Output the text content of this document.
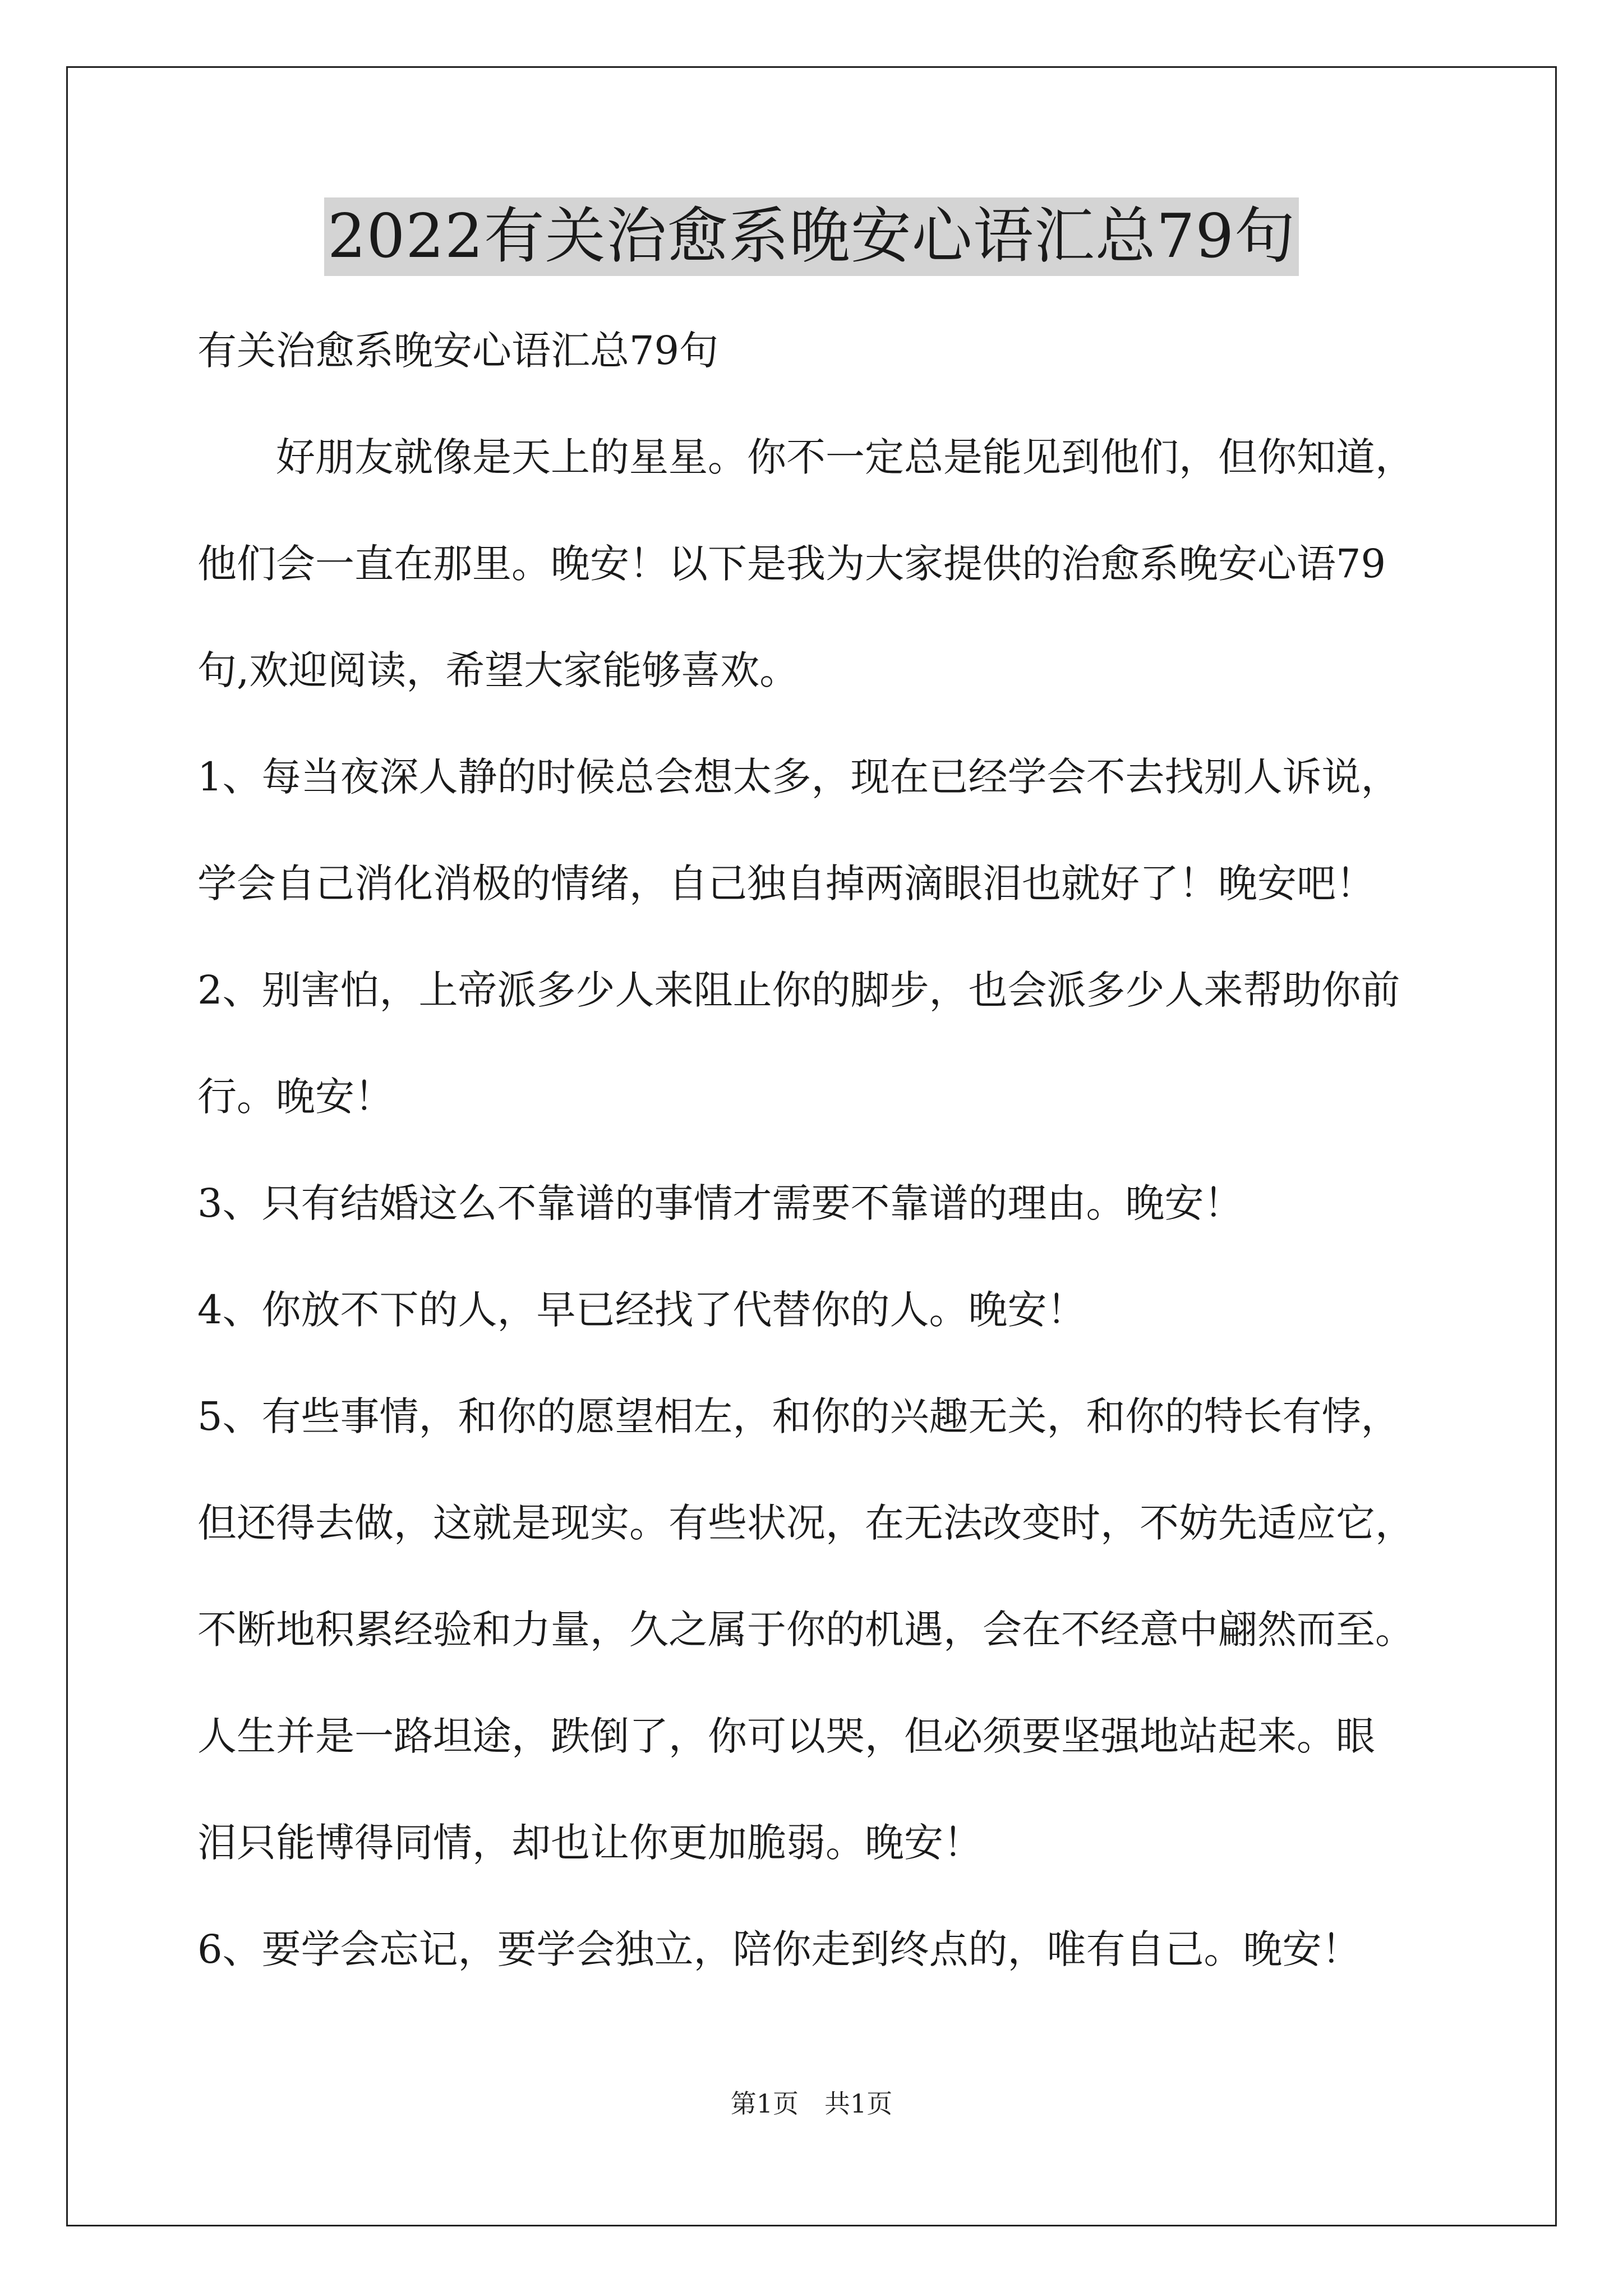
2022有关治愈系晚安心语汇总79句

有关治愈系晚安心语汇总79句

好朋友就像是天上的星星。你不一定总是能见到他们，但你知道，

他们会一直在那里。晚安！以下是我为大家提供的治愈系晚安心语79

句,欢迎阅读，希望大家能够喜欢。

1、每当夜深人静的时候总会想太多，现在已经学会不去找别人诉说，

学会自己消化消极的情绪，自己独自掉两滴眼泪也就好了！晚安吧！

2、别害怕，上帝派多少人来阻止你的脚步，也会派多少人来帮助你前

行。晚安！

3、只有结婚这么不靠谱的事情才需要不靠谱的理由。晚安！

4、你放不下的人，早已经找了代替你的人。晚安！

5、有些事情，和你的愿望相左，和你的兴趣无关，和你的特长有悖，

但还得去做，这就是现实。有些状况，在无法改变时，不妨先适应它，

不断地积累经验和力量，久之属于你的机遇，会在不经意中翩然而至。

人生并是一路坦途，跌倒了，你可以哭，但必须要坚强地站起来。眼

泪只能博得同情，却也让你更加脆弱。晚安！

6、要学会忘记，要学会独立，陪你走到终点的，唯有自己。晚安！

第1页　共1页
